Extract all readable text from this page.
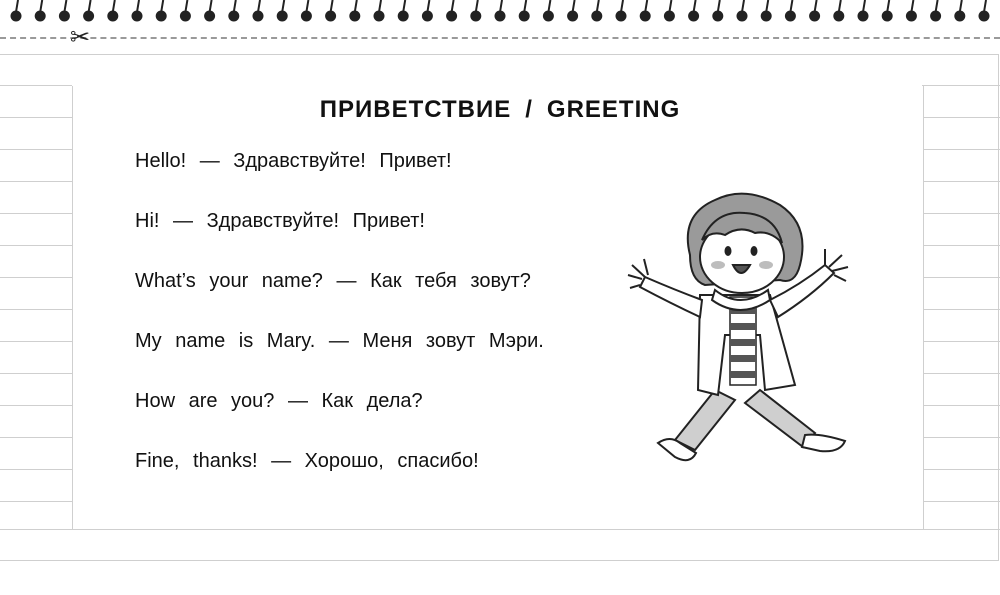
✂
ПРИВЕТСТВИЕ / GREETING
Hello! — Здравствуйте! Привет!
Hi! — Здравствуйте! Привет!
What’s your name? — Как тебя зовут?
My name is Mary. — Меня зовут Мэри.
How are you? — Как дела?
Fine, thanks! — Хорошо, спасибо!
